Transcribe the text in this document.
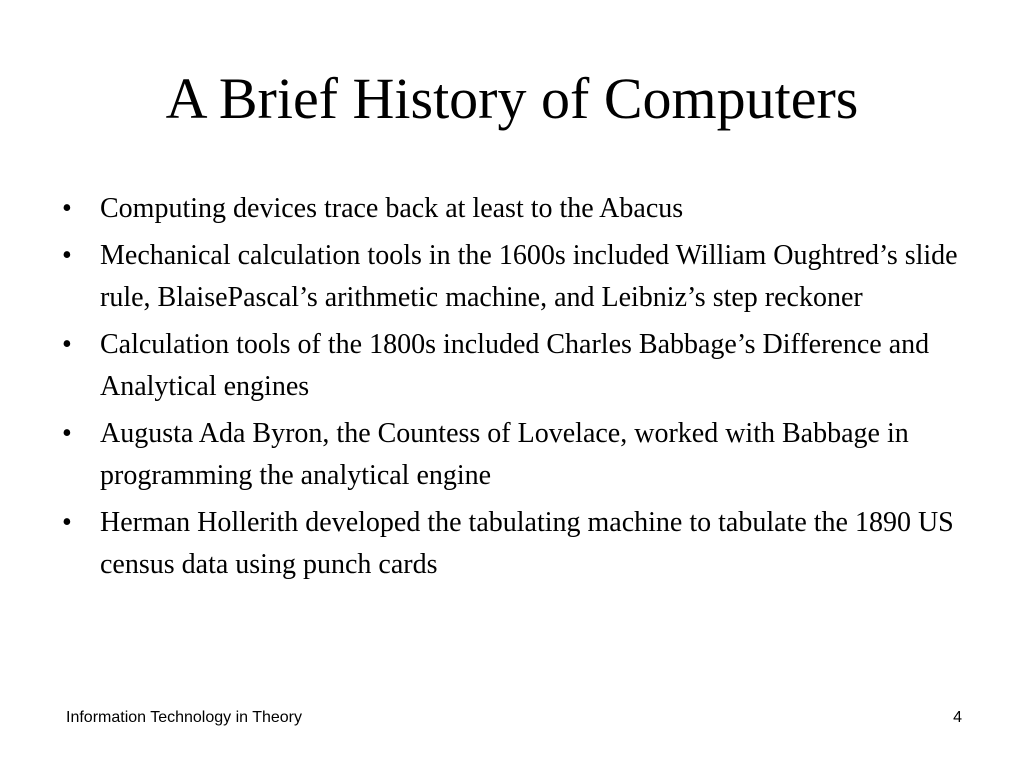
A Brief History of Computers
• Computing devices trace back at least to the Abacus
• Mechanical calculation tools in the 1600s included William Oughtred’s slide rule, BlaisePascal’s arithmetic machine, and Leibniz’s step reckoner
• Calculation tools of the 1800s included Charles Babbage’s Difference and Analytical engines
• Augusta Ada Byron, the Countess of Lovelace, worked with Babbage in programming the analytical engine
• Herman Hollerith developed the tabulating machine to tabulate the 1890 US census data using punch cards
Information Technology in Theory	4
